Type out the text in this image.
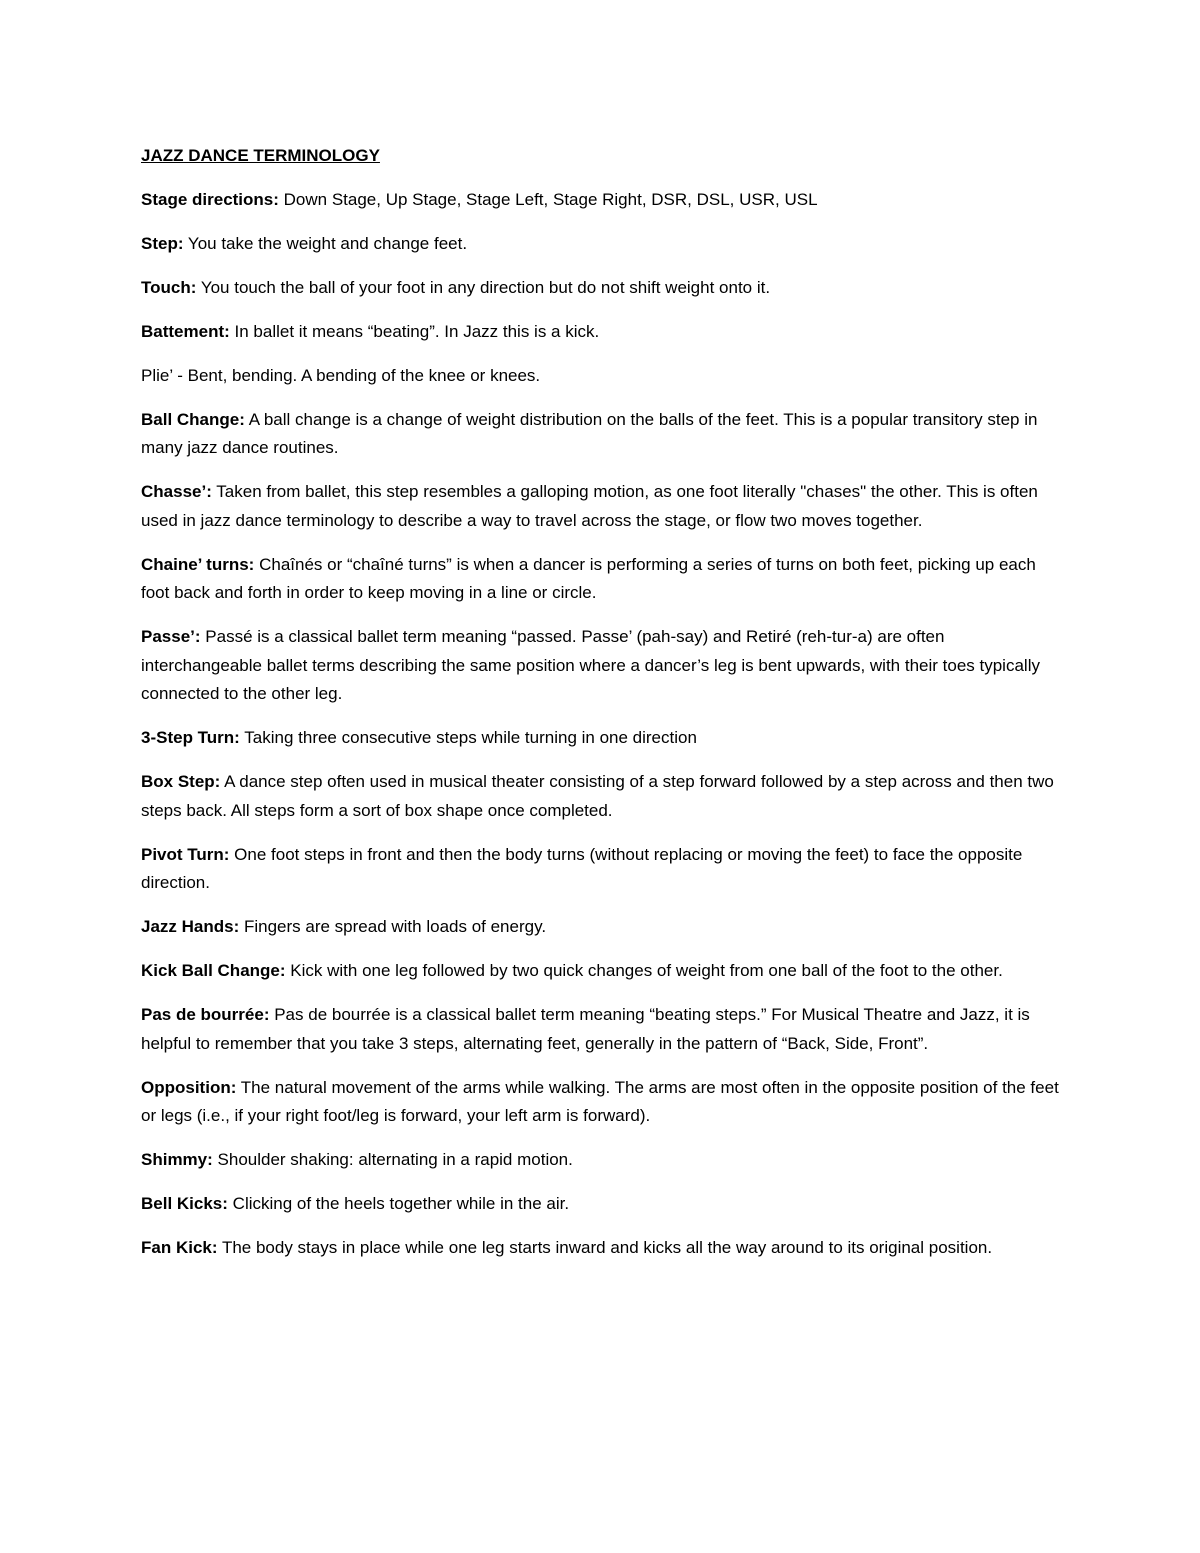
JAZZ DANCE TERMINOLOGY

Stage directions: Down Stage, Up Stage, Stage Left, Stage Right, DSR, DSL, USR, USL

Step: You take the weight and change feet.

Touch: You touch the ball of your foot in any direction but do not shift weight onto it.

Battement: In ballet it means “beating”. In Jazz this is a kick.

Plie’ - Bent, bending. A bending of the knee or knees.

Ball Change: A ball change is a change of weight distribution on the balls of the feet. This is a popular transitory step in many jazz dance routines.

Chasse’: Taken from ballet, this step resembles a galloping motion, as one foot literally "chases" the other. This is often used in jazz dance terminology to describe a way to travel across the stage, or flow two moves together.

Chaine’ turns: Chaînés or “chaîné turns” is when a dancer is performing a series of turns on both feet, picking up each foot back and forth in order to keep moving in a line or circle.

Passe’: Passé is a classical ballet term meaning “passed. Passe’ (pah-say) and Retiré (reh-tur-a) are often interchangeable ballet terms describing the same position where a dancer’s leg is bent upwards, with their toes typically connected to the other leg.

3-Step Turn: Taking three consecutive steps while turning in one direction

Box Step: A dance step often used in musical theater consisting of a step forward followed by a step across and then two steps back. All steps form a sort of box shape once completed.

Pivot Turn: One foot steps in front and then the body turns (without replacing or moving the feet) to face the opposite direction.

Jazz Hands: Fingers are spread with loads of energy.

Kick Ball Change: Kick with one leg followed by two quick changes of weight from one ball of the foot to the other.

Pas de bourrée: Pas de bourrée is a classical ballet term meaning “beating steps.” For Musical Theatre and Jazz, it is helpful to remember that you take 3 steps, alternating feet, generally in the pattern of “Back, Side, Front”.

Opposition: The natural movement of the arms while walking. The arms are most often in the opposite position of the feet or legs (i.e., if your right foot/leg is forward, your left arm is forward).

Shimmy: Shoulder shaking: alternating in a rapid motion.

Bell Kicks: Clicking of the heels together while in the air.

Fan Kick: The body stays in place while one leg starts inward and kicks all the way around to its original position.
